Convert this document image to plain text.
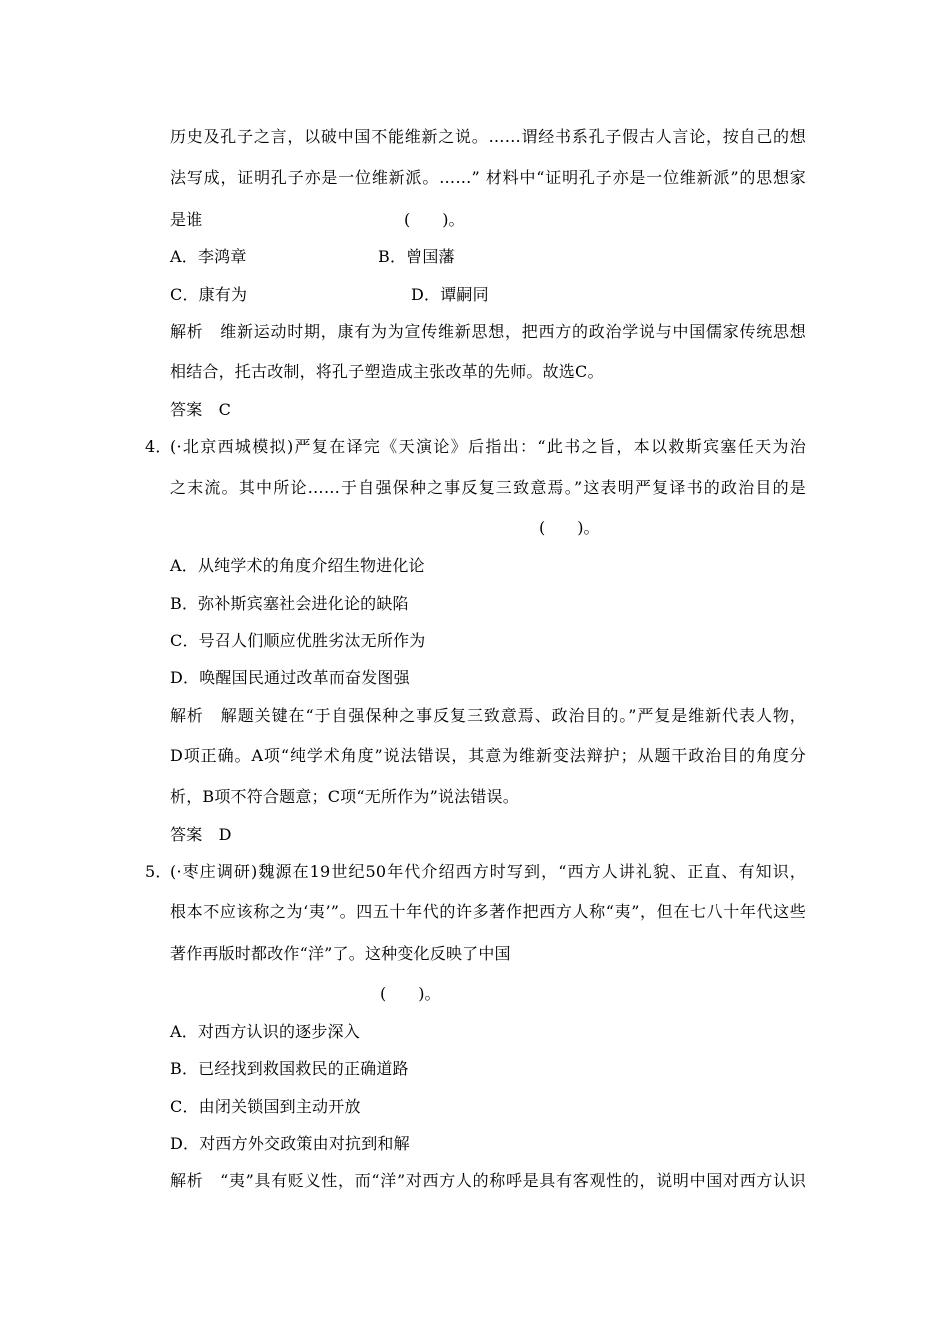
历史及孔子之言，以破中国不能维新之说。……谓经书系孔子假古人言论，按自己的想
法写成，证明孔子亦是一位维新派。……” 材料中“证明孔子亦是一位维新派”的思想家
是谁	(　　)。
A．李鸿章	B．曾国藩
C．康有为	D．谭嗣同
解析　维新运动时期，康有为为宣传维新思想，把西方的政治学说与中国儒家传统思想
相结合，托古改制，将孔子塑造成主张改革的先师。故选C。
答案　C
4．
(·北京西城模拟)严复在译完《天演论》后指出：“此书之旨，本以救斯宾塞任天为治
之末流。其中所论……于自强保种之事反复三致意焉。”这表明严复译书的政治目的是
(　　)。
A．从纯学术的角度介绍生物进化论
B．弥补斯宾塞社会进化论的缺陷
C．号召人们顺应优胜劣汰无所作为
D．唤醒国民通过改革而奋发图强
解析　解题关键在“于自强保种之事反复三致意焉、政治目的。”严复是维新代表人物，
D项正确。A项“纯学术角度”说法错误，其意为维新变法辩护；从题干政治目的角度分
析，B项不符合题意；C项“无所作为”说法错误。
答案　D
5．
(·枣庄调研)魏源在19世纪50年代介绍西方时写到，“西方人讲礼貌、正直、有知识，
根本不应该称之为‘夷’”。四五十年代的许多著作把西方人称“夷”，但在七八十年代这些
著作再版时都改作“洋”了。这种变化反映了中国
(　　)。
A．对西方认识的逐步深入
B．已经找到救国救民的正确道路
C．由闭关锁国到主动开放
D．对西方外交政策由对抗到和解
解析　“夷”具有贬义性，而“洋”对西方人的称呼是具有客观性的，说明中国对西方认识
